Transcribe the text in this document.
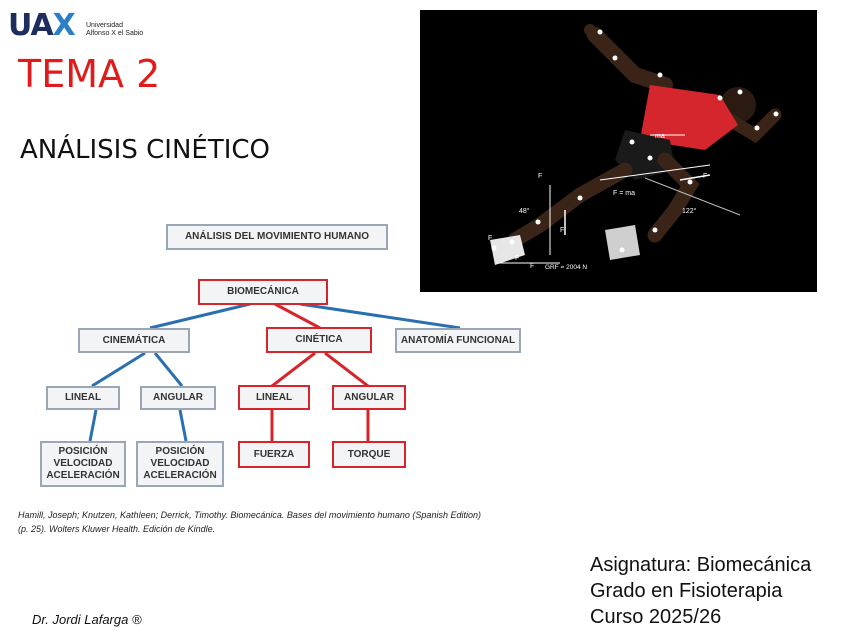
UAX Universidad
Alfonso X el Sabio
TEMA 2
ANÁLISIS CINÉTICO
F	F
F
F
F
F
48°	122°
F = ma
ma
GRF = 2004 N
ANÁLISIS DEL MOVIMIENTO HUMANO
BIOMECÁNICA
CINEMÁTICA	CINÉTICA	ANATOMÍA FUNCIONAL
LINEAL	ANGULAR	LINEAL	ANGULAR
POSICIÓN
VELOCIDAD
ACELERACIÓN
POSICIÓN
VELOCIDAD
ACELERACIÓN
FUERZA	TORQUE
Hamill, Joseph; Knutzen, Kathleen; Derrick, Timothy. Biomecánica. Bases del movimiento humano (Spanish Edition) (p. 25). Wolters Kluwer Health. Edición de Kindle.
Asignatura: Biomecánica
Grado en Fisioterapia
Curso 2025/26
Dr. Jordi Lafarga ®
